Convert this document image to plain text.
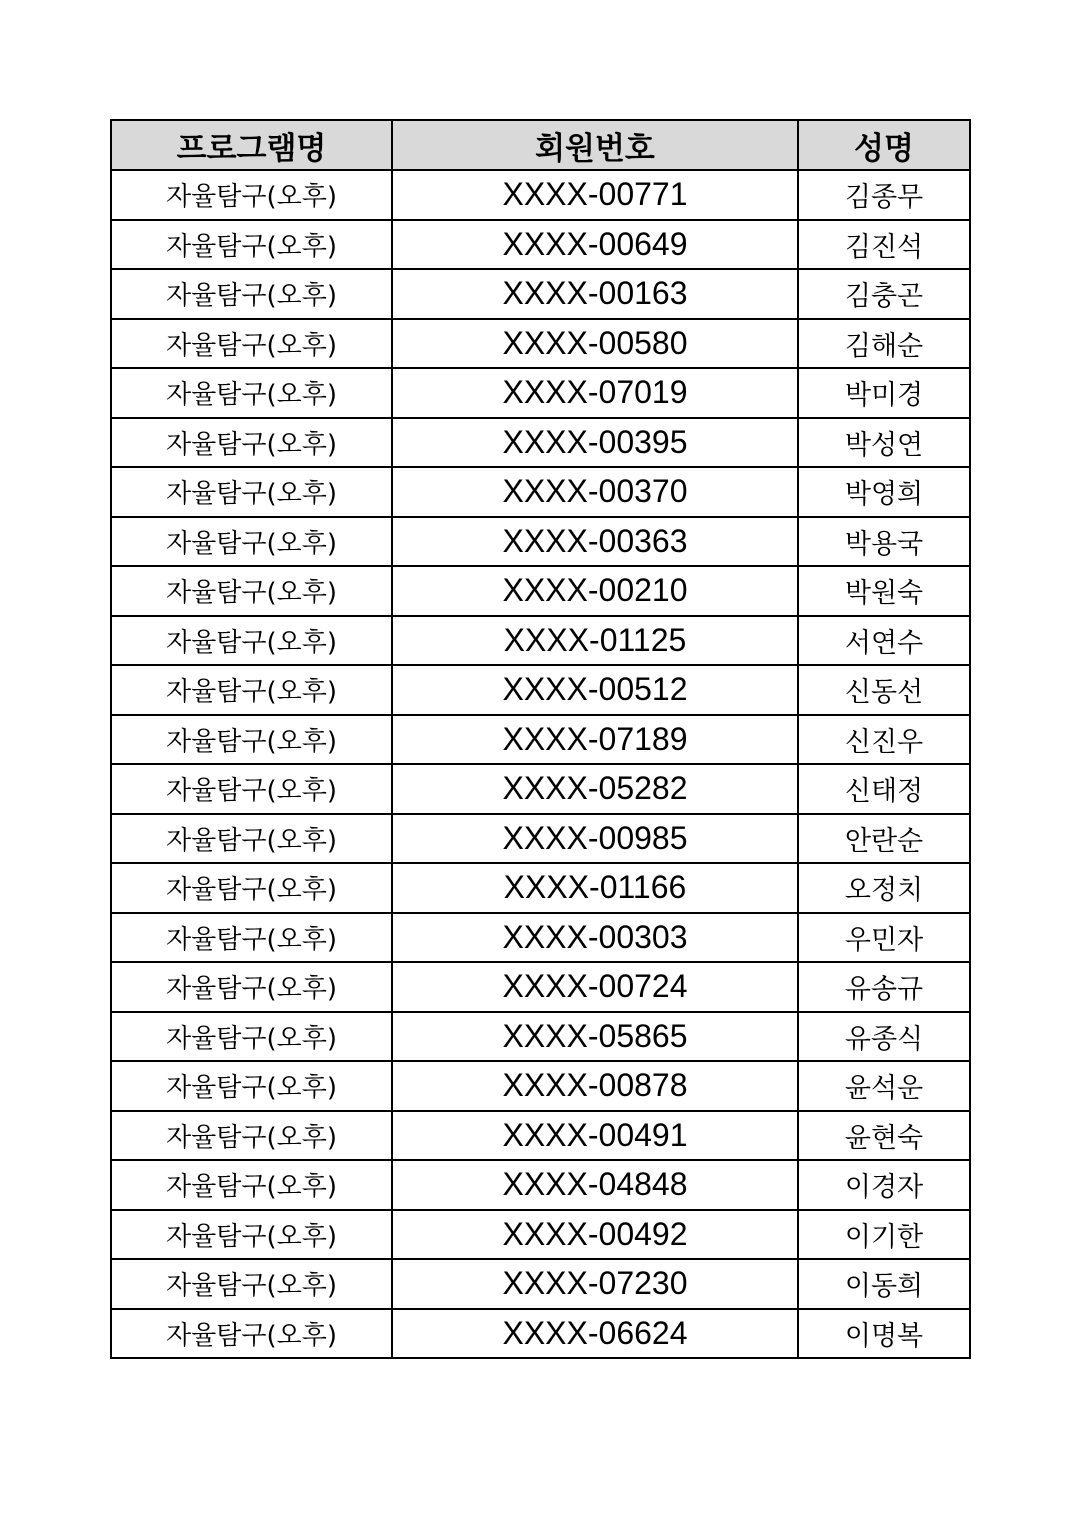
프로그램명	회원번호	성명
자율탐구(오후)	XXXX-00771	김종무
자율탐구(오후)	XXXX-00649	김진석
자율탐구(오후)	XXXX-00163	김충곤
자율탐구(오후)	XXXX-00580	김해순
자율탐구(오후)	XXXX-07019	박미경
자율탐구(오후)	XXXX-00395	박성연
자율탐구(오후)	XXXX-00370	박영희
자율탐구(오후)	XXXX-00363	박용국
자율탐구(오후)	XXXX-00210	박원숙
자율탐구(오후)	XXXX-01125	서연수
자율탐구(오후)	XXXX-00512	신동선
자율탐구(오후)	XXXX-07189	신진우
자율탐구(오후)	XXXX-05282	신태정
자율탐구(오후)	XXXX-00985	안란순
자율탐구(오후)	XXXX-01166	오정치
자율탐구(오후)	XXXX-00303	우민자
자율탐구(오후)	XXXX-00724	유송규
자율탐구(오후)	XXXX-05865	유종식
자율탐구(오후)	XXXX-00878	윤석운
자율탐구(오후)	XXXX-00491	윤현숙
자율탐구(오후)	XXXX-04848	이경자
자율탐구(오후)	XXXX-00492	이기한
자율탐구(오후)	XXXX-07230	이동희
자율탐구(오후)	XXXX-06624	이명복
